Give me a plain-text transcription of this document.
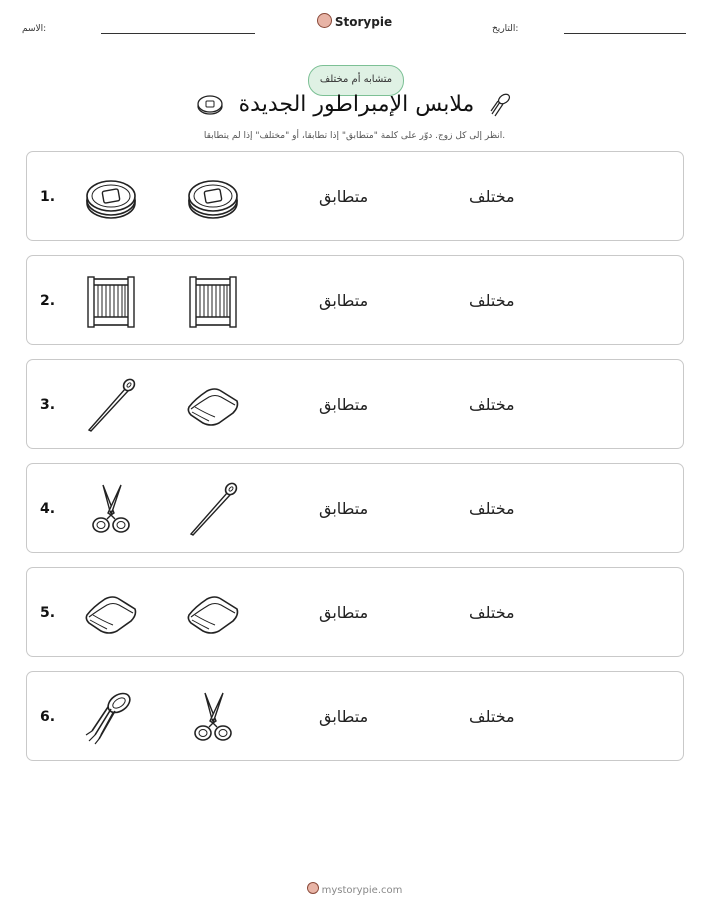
الاسم:	Storypie	التاريخ:
متشابه أم مختلف
ملابس الإمبراطور الجديدة
انظر إلى كل زوج. دوّر على كلمة "متطابق" إذا تطابقا، أو "مختلف" إذا لم يتطابقا.
1.	متطابق	مختلف
2.	متطابق	مختلف
3.	متطابق	مختلف
4.	متطابق	مختلف
5.	متطابق	مختلف
6.	متطابق	مختلف
mystorypie.com
